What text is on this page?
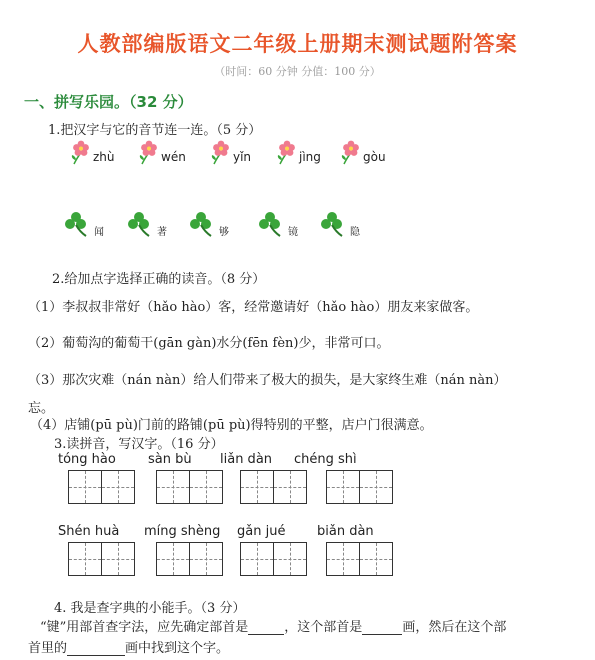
人教部编版语文二年级上册期末测试题附答案
（时间：60 分钟 分值：100 分）
一、拼写乐园。（32 分）
1.把汉字与它的音节连一连。（5 分）
zhù	wén	yǐn	jìng	gòu
闻	著	够	镜	隐
2.给加点字选择正确的读音。（8 分）
（1）李叔叔非常好（hǎo hào）客，经常邀请好（hǎo hào）朋友来家做客。
（2）葡萄沟的葡萄干(gān gàn)水分(fēn fèn)少，非常可口。
（3）那次灾难（nán nàn）给人们带来了极大的损失，是大家终生难（nán nàn）
忘。
（4）店铺(pū pù)门前的路铺(pū pù)得特别的平整，店户门很满意。
3.读拼音，写汉字。（16 分）
tóng hào sàn bù liǎn dàn chéng shì
Shén huà míng shèng gǎn jué biǎn dàn
4. 我是查字典的小能手。（3 分）
“键”用部首查字法，应先确定部首是	，这个部首是	画，然后在这个部
首里的	画中找到这个字。
